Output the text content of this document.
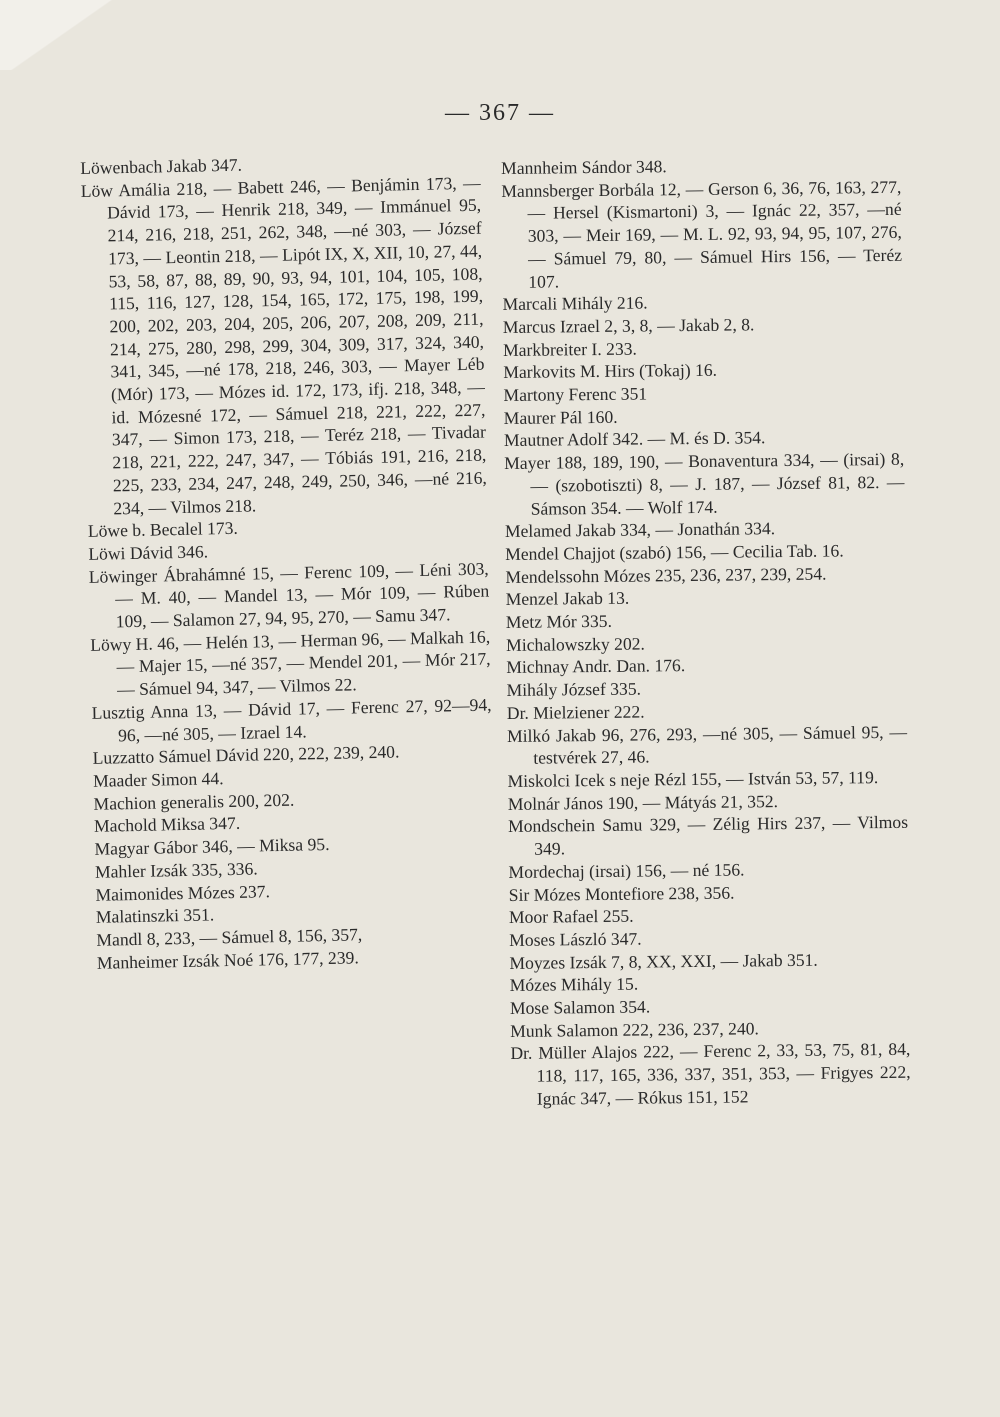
— 367 —
Löwenbach Jakab 347.
Löw Amália 218, — Babett 246, — Benjámin 173, — Dávid 173, — Henrik 218, 349, — Immánuel 95, 214, 216, 218, 251, 262, 348, —né 303, — József 173, — Leontin 218, — Lipót IX, X, XII, 10, 27, 44, 53, 58, 87, 88, 89, 90, 93, 94, 101, 104, 105, 108, 115, 116, 127, 128, 154, 165, 172, 175, 198, 199, 200, 202, 203, 204, 205, 206, 207, 208, 209, 211, 214, 275, 280, 298, 299, 304, 309, 317, 324, 340, 341, 345, —né 178, 218, 246, 303, — Mayer Léb (Mór) 173, — Mózes id. 172, 173, ifj. 218, 348, — id. Mózesné 172, — Sámuel 218, 221, 222, 227, 347, — Simon 173, 218, — Teréz 218, — Tivadar 218, 221, 222, 247, 347, — Tóbiás 191, 216, 218, 225, 233, 234, 247, 248, 249, 250, 346, —né 216, 234, — Vilmos 218.
Löwe b. Becalel 173.
Löwi Dávid 346.
Löwinger Ábrahámné 15, — Ferenc 109, — Léni 303, — M. 40, — Mandel 13, — Mór 109, — Rúben 109, — Salamon 27, 94, 95, 270, — Samu 347.
Löwy H. 46, — Helén 13, — Herman 96, — Malkah 16, — Majer 15, —né 357, — Mendel 201, — Mór 217, — Sámuel 94, 347, — Vilmos 22.
Lusztig Anna 13, — Dávid 17, — Ferenc 27, 92—94, 96, —né 305, — Izrael 14.
Luzzatto Sámuel Dávid 220, 222, 239, 240.
Maader Simon 44.
Machion generalis 200, 202.
Machold Miksa 347.
Magyar Gábor 346, — Miksa 95.
Mahler Izsák 335, 336.
Maimonides Mózes 237.
Malatinszki 351.
Mandl 8, 233, — Sámuel 8, 156, 357,
Manheimer Izsák Noé 176, 177, 239.
Mannheim Sándor 348.
Mannsberger Borbála 12, — Gerson 6, 36, 76, 163, 277, — Hersel (Kismartoni) 3, — Ignác 22, 357, —né 303, — Meir 169, — M. L. 92, 93, 94, 95, 107, 276, — Sámuel 79, 80, — Sámuel Hirs 156, — Teréz 107.
Marcali Mihály 216.
Marcus Izrael 2, 3, 8, — Jakab 2, 8.
Markbreiter I. 233.
Markovits M. Hirs (Tokaj) 16.
Martony Ferenc 351
Maurer Pál 160.
Mautner Adolf 342. — M. és D. 354.
Mayer 188, 189, 190, — Bonaventura 334, — (irsai) 8, — (szobotiszti) 8, — J. 187, — József 81, 82. — Sámson 354. — Wolf 174.
Melamed Jakab 334, — Jonathán 334.
Mendel Chajjot (szabó) 156, — Cecilia Tab. 16.
Mendelssohn Mózes 235, 236, 237, 239, 254.
Menzel Jakab 13.
Metz Mór 335.
Michalowszky 202.
Michnay Andr. Dan. 176.
Mihály József 335.
Dr. Mielziener 222.
Milkó Jakab 96, 276, 293, —né 305, — Sámuel 95, — testvérek 27, 46.
Miskolci Icek s neje Rézl 155, — István 53, 57, 119.
Molnár János 190, — Mátyás 21, 352.
Mondschein Samu 329, — Zélig Hirs 237, — Vilmos 349.
Mordechaj (irsai) 156, — né 156.
Sir Mózes Montefiore 238, 356.
Moor Rafael 255.
Moses László 347.
Moyzes Izsák 7, 8, XX, XXI, — Jakab 351.
Mózes Mihály 15.
Mose Salamon 354.
Munk Salamon 222, 236, 237, 240.
Dr. Müller Alajos 222, — Ferenc 2, 33, 53, 75, 81, 84, 118, 117, 165, 336, 337, 351, 353, — Frigyes 222, Ignác 347, — Rókus 151, 152
